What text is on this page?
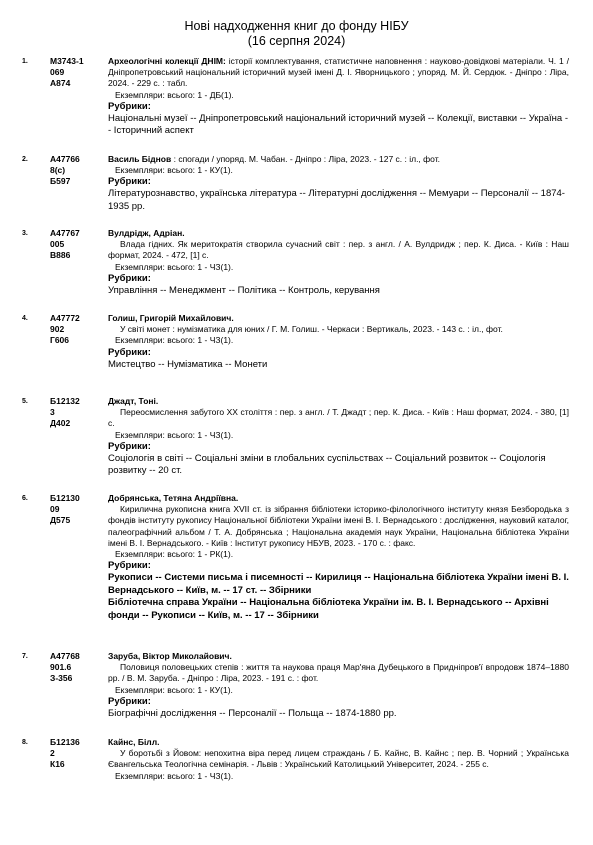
Нові надходження книг до фонду НІБУ
(16 серпня 2024)
1.	М3743-1
069
А874
Археологічні колекції ДНІМ: історії комплектування, статистичне наповнення : науково-довідкові матеріали. Ч. 1 / Дніпропетровський національний історичний музей імені Д. І. Яворницького ; упоряд. М. Й. Сердюк. - Дніпро : Ліра, 2024. - 229 с. : табл.
Екземпляри: всього: 1 - ДБ(1).
Рубрики:
Національні музеї -- Дніпропетровський національний історичний музей -- Колекції, виставки -- Україна -- Історичний аспект
2.	А47766
8(с)
Б597
Василь Біднов : спогади / упоряд. М. Чабан. - Дніпро : Ліра, 2023. - 127 с. : іл., фот.
Екземпляри: всього: 1 - КУ(1).
Рубрики:
Літературознавство, українська література -- Літературні дослідження -- Мемуари -- Персоналії -- 1874-1935 рр.
3.	А47767
005
В886
Вулдрідж, Адріан.
Влада гідних. Як меритократія створила сучасний світ : пер. з англ. / А. Вулдридж ; пер. К. Диса. - Київ : Наш формат, 2024. - 472, [1] с.
Екземпляри: всього: 1 - ЧЗ(1).
Рубрики:
Управління -- Менеджмент -- Політика -- Контроль, керування
4.	А47772
902
Г606
Голиш, Григорій Михайлович.
У світі монет : нумізматика для юних / Г. М. Голиш. - Черкаси : Вертикаль, 2023. - 143 с. : іл., фот.
Екземпляри: всього: 1 - ЧЗ(1).
Рубрики:
Мистецтво -- Нумізматика -- Монети
5.	Б12132
3
Д402
Джадт, Тоні.
Переосмислення забутого XX століття : пер. з англ. / Т. Джадт ; пер. К. Диса. - Київ : Наш формат, 2024. - 380, [1] с.
Екземпляри: всього: 1 - ЧЗ(1).
Рубрики:
Соціологія в світі -- Соціальні зміни в глобальних суспільствах -- Соціальний розвиток -- Соціологія розвитку -- 20 ст.
6.	Б12130
09
Д575
Добрянська, Тетяна Андріївна.
Кирилична рукописна книга XVII ст. із зібрання бібліотеки історико-філологічного інституту князя Безбородька з фондів інституту рукопису Національної бібліотеки України імені В. І. Вернадського : дослідження, науковий каталог, палеографічний альбом / Т. А. Добрянська ; Національна академія наук України, Національна бібліотека України імені В. І. Вернадського. - Київ : Інститут рукопису НБУВ, 2023. - 170 с. : факс.
Екземпляри: всього: 1 - РК(1).
Рубрики:
Рукописи -- Системи письма і писемності -- Кирилиця -- Національна бібліотека України імені В. І. Вернадського -- Київ, м. -- 17 ст. -- Збірники
Бібліотечна справа України -- Національна бібліотека України ім. В. І. Вернадського -- Архівні фонди -- Рукописи -- Київ, м. -- 17 -- Збірники
7.	А47768
901.6
З-356
Заруба, Віктор Миколайович.
Половиця половецьких степів : життя та наукова праця Мар'яна Дубецького в Придніпров'ї впродовж 1874–1880 рр. / В. М. Заруба. - Дніпро : Ліра, 2023. - 191 с. : фот.
Екземпляри: всього: 1 - КУ(1).
Рубрики:
Біографічні дослідження -- Персоналії -- Польща -- 1874-1880 рр.
8.	Б12136
2
К16
Кайнс, Білл.
У боротьбі з Йовом: непохитна віра перед лицем страждань / Б. Кайнс, В. Кайнс ; пер. В. Чорний ; Українська Євангельська Теологічна семінарія. - Львів : Український Католицький Університет, 2024. - 255 с.
Екземпляри: всього: 1 - ЧЗ(1).
